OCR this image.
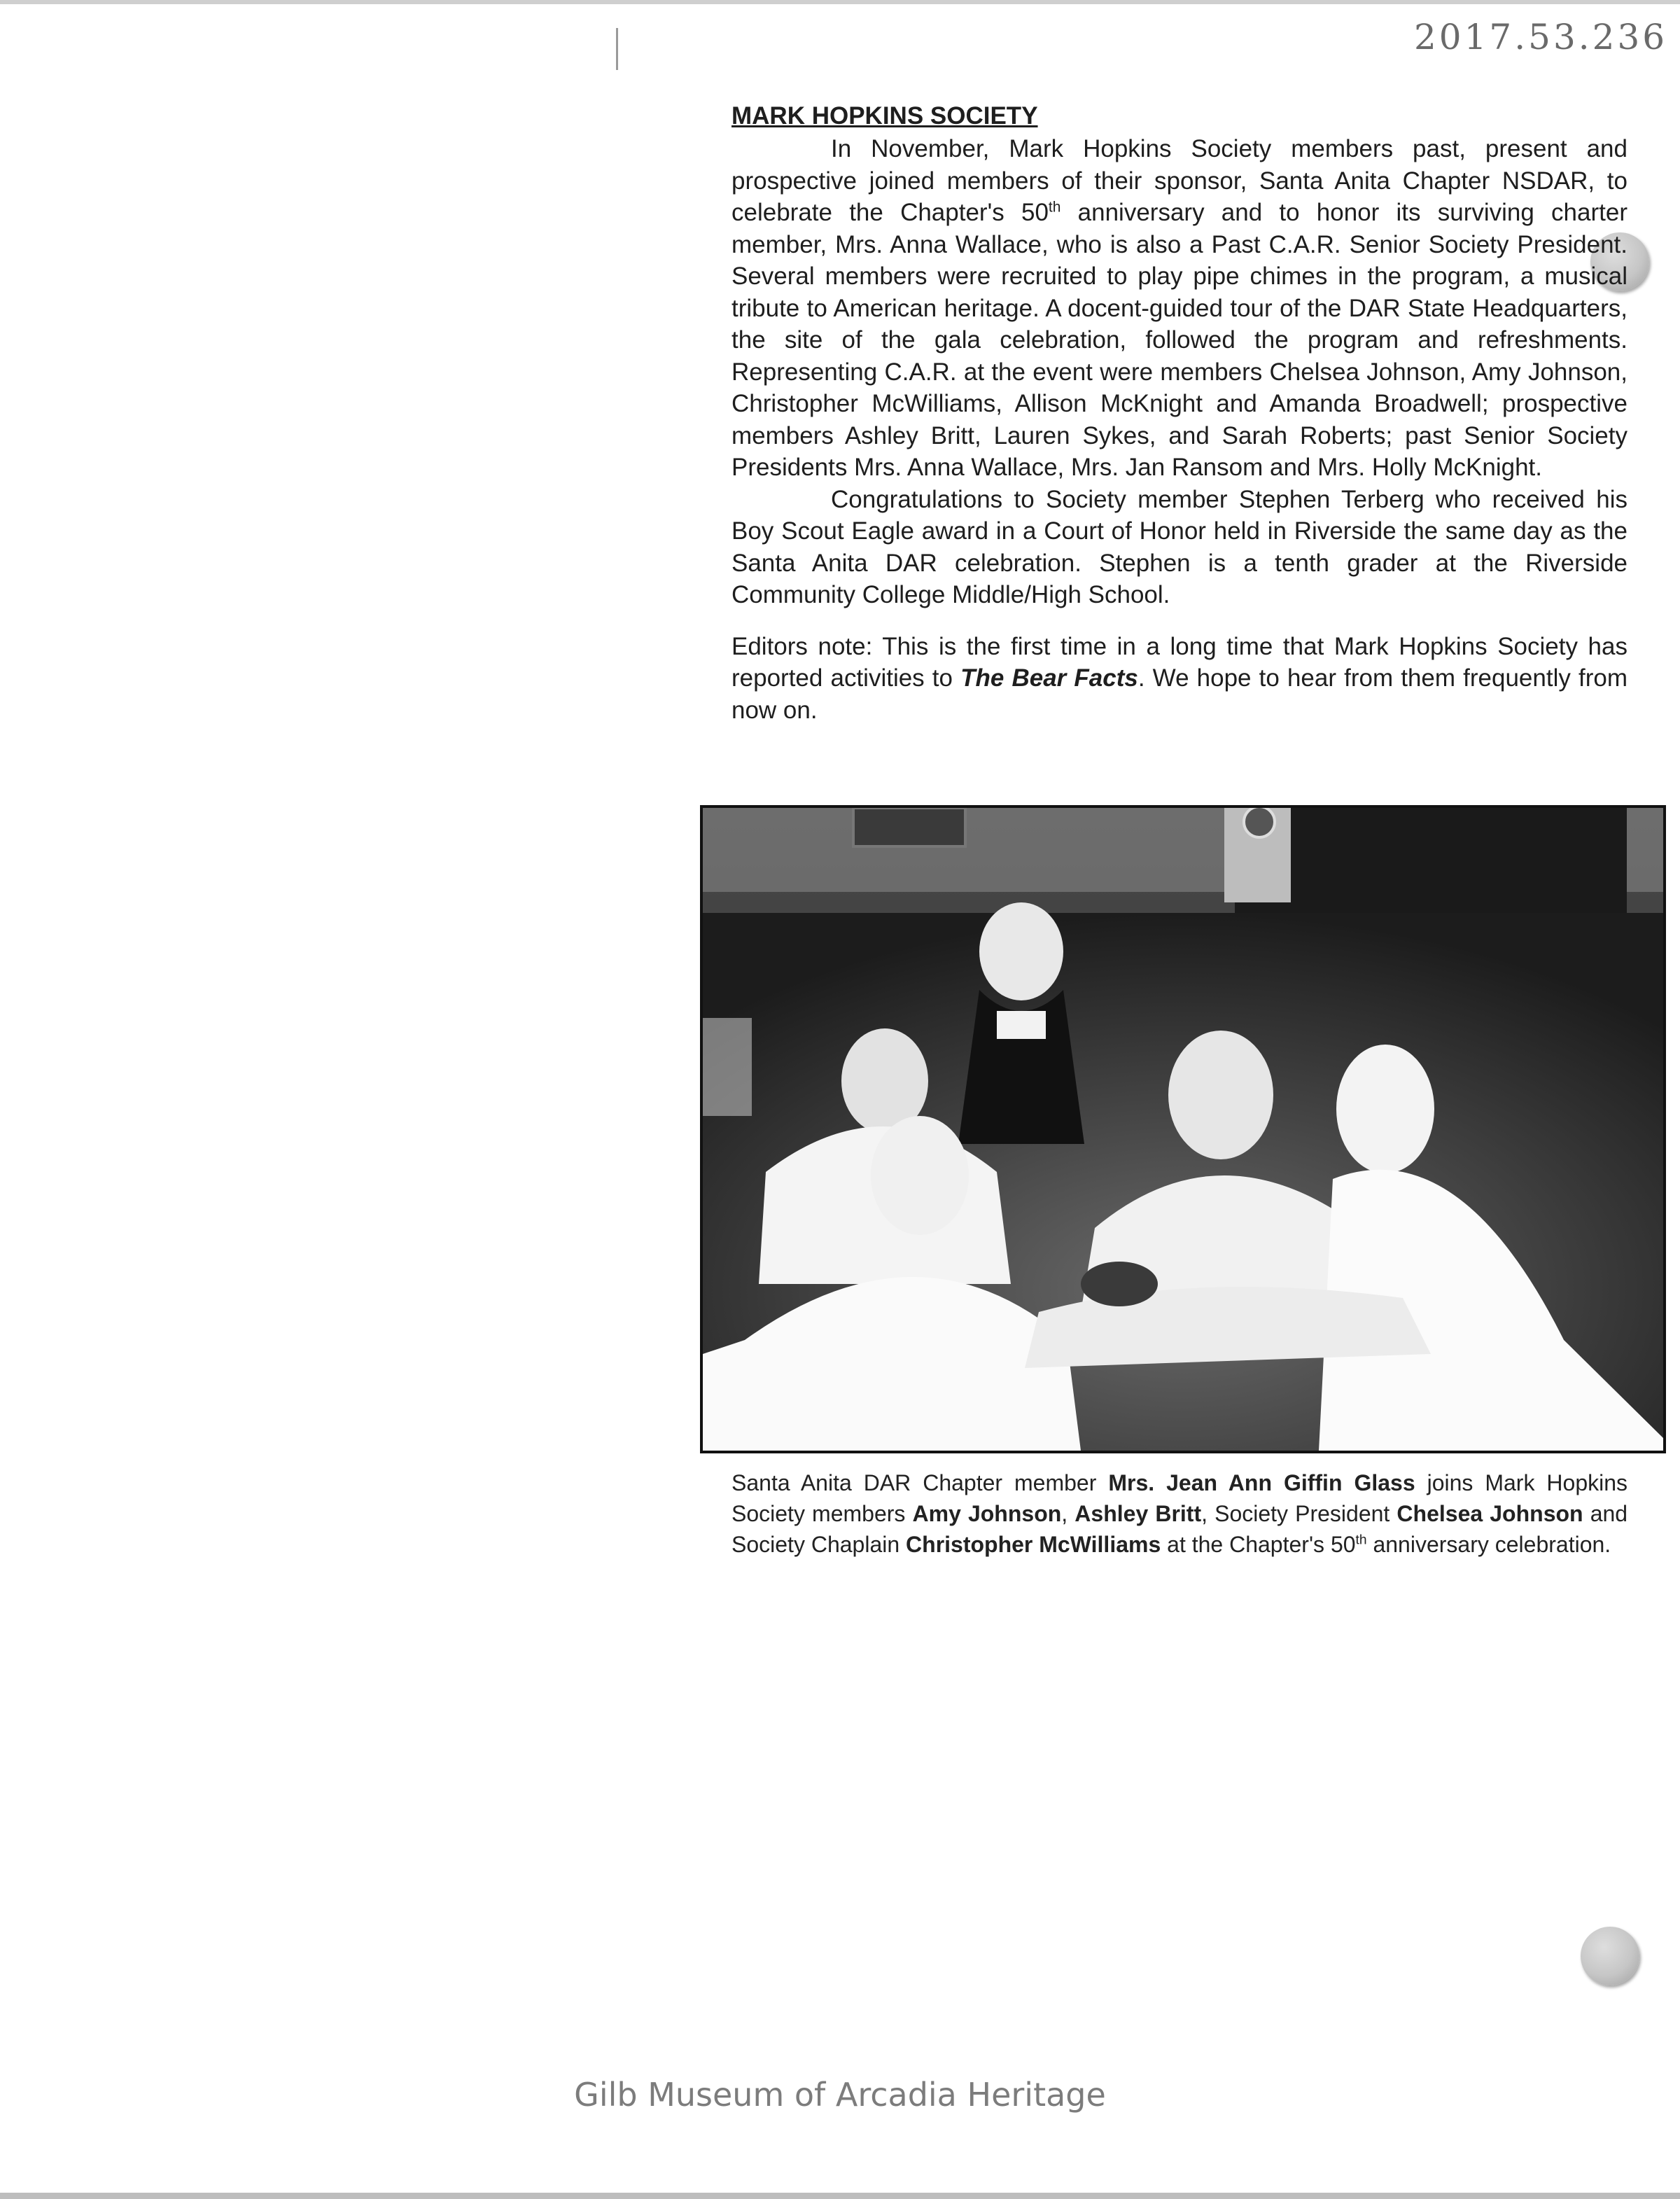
2017.53.236

MARK HOPKINS SOCIETY

In November, Mark Hopkins Society members past, present and prospective joined members of their sponsor, Santa Anita Chapter NSDAR, to celebrate the Chapter's 50th anniversary and to honor its surviving charter member, Mrs. Anna Wallace, who is also a Past C.A.R. Senior Society President. Several members were recruited to play pipe chimes in the program, a musical tribute to American heritage. A docent-guided tour of the DAR State Headquarters, the site of the gala celebration, followed the program and refreshments. Representing C.A.R. at the event were members Chelsea Johnson, Amy Johnson, Christopher McWilliams, Allison McKnight and Amanda Broadwell; prospective members Ashley Britt, Lauren Sykes, and Sarah Roberts; past Senior Society Presidents Mrs. Anna Wallace, Mrs. Jan Ransom and Mrs. Holly McKnight.

Congratulations to Society member Stephen Terberg who received his Boy Scout Eagle award in a Court of Honor held in Riverside the same day as the Santa Anita DAR celebration. Stephen is a tenth grader at the Riverside Community College Middle/High School.

Editors note: This is the first time in a long time that Mark Hopkins Society has reported activities to The Bear Facts. We hope to hear from them frequently from now on.

Santa Anita DAR Chapter member Mrs. Jean Ann Giffin Glass joins Mark Hopkins Society members Amy Johnson, Ashley Britt, Society President Chelsea Johnson and Society Chaplain Christopher McWilliams at the Chapter's 50th anniversary celebration.
Gilb Museum of Arcadia Heritage
